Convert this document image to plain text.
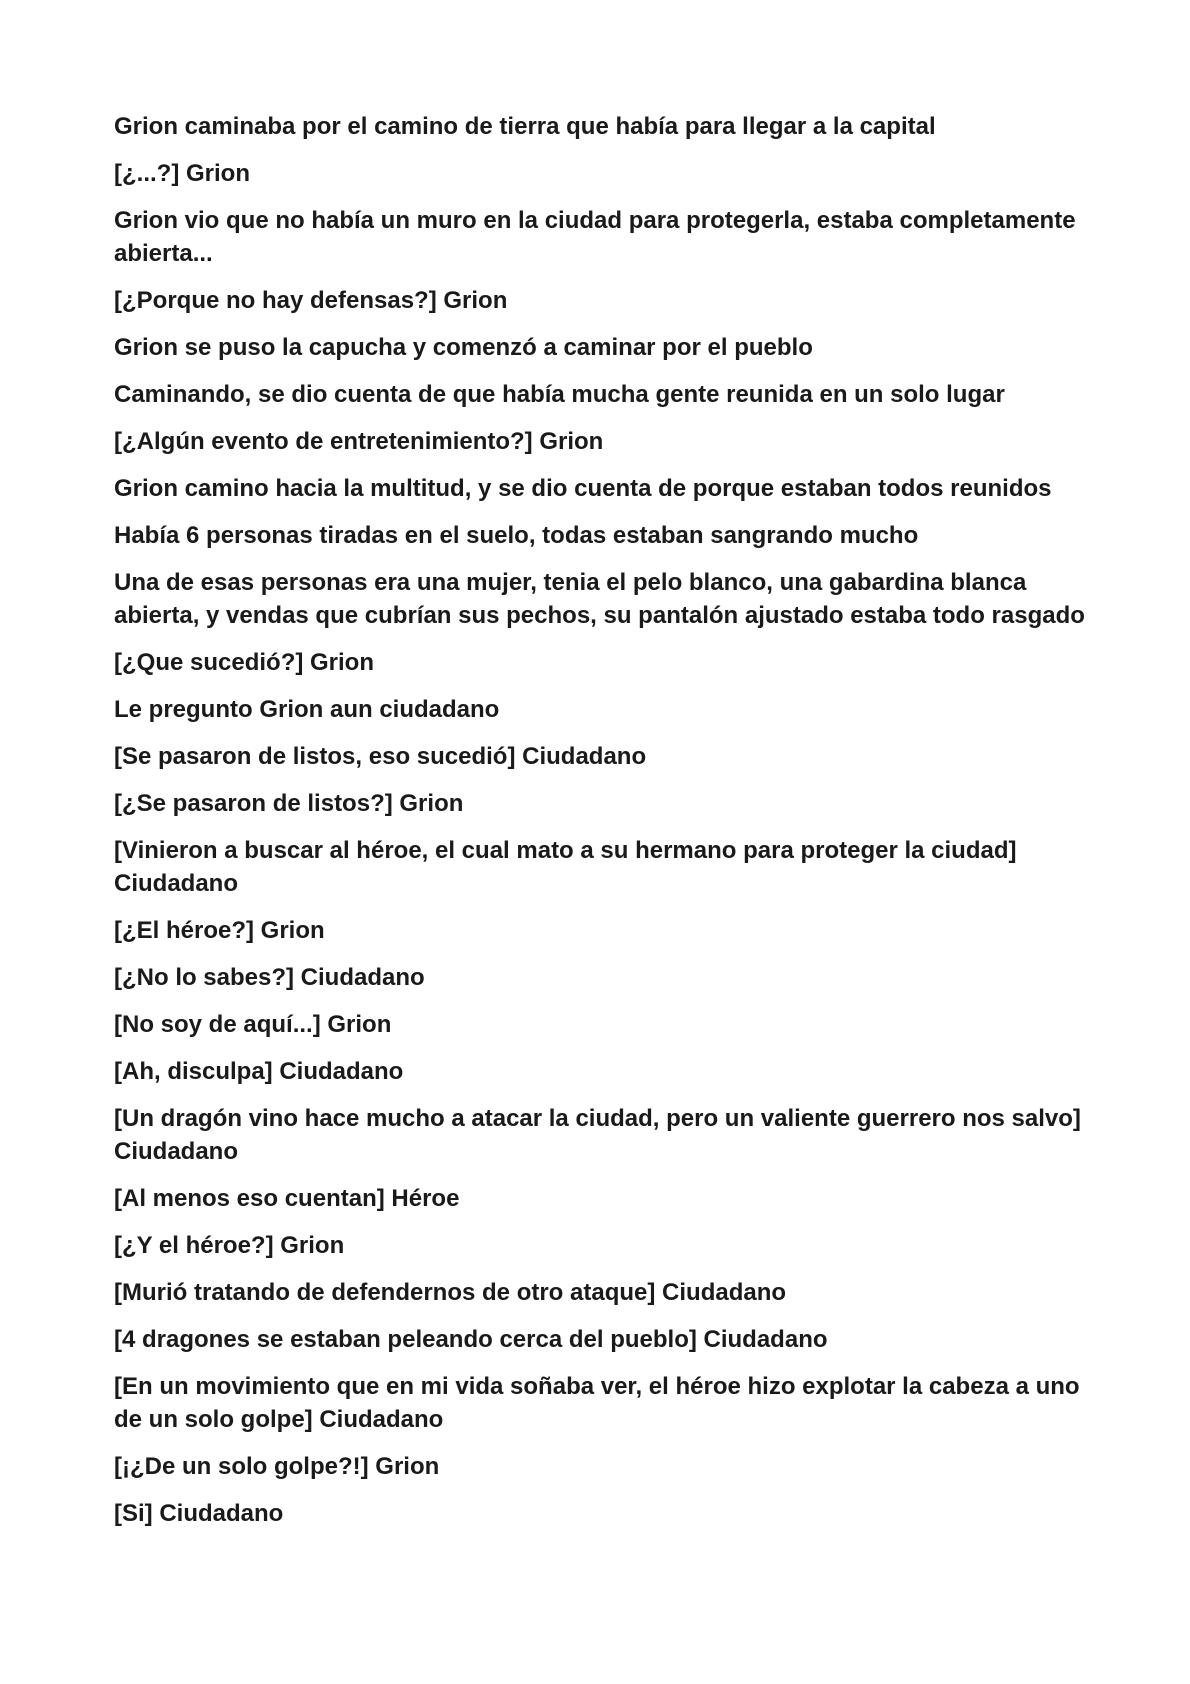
Grion caminaba por el camino de tierra que había para llegar a la capital

[¿...?] Grion

Grion vio que no había un muro en la ciudad para protegerla, estaba completamente abierta...

[¿Porque no hay defensas?] Grion

Grion se puso la capucha y comenzó a caminar por el pueblo

Caminando, se dio cuenta de que había mucha gente reunida en un solo lugar

[¿Algún evento de entretenimiento?] Grion

Grion camino hacia la multitud, y se dio cuenta de porque estaban todos reunidos

Había 6 personas tiradas en el suelo, todas estaban sangrando mucho

Una de esas personas era una mujer, tenia el pelo blanco, una gabardina blanca abierta, y vendas que cubrían sus pechos, su pantalón ajustado estaba todo rasgado

[¿Que sucedió?] Grion

Le pregunto Grion aun ciudadano

[Se pasaron de listos, eso sucedió] Ciudadano

[¿Se pasaron de listos?] Grion

[Vinieron a buscar al héroe, el cual mato a su hermano para proteger la ciudad] Ciudadano

[¿El héroe?] Grion

[¿No lo sabes?] Ciudadano

[No soy de aquí...] Grion

[Ah, disculpa] Ciudadano

[Un dragón vino hace mucho a atacar la ciudad, pero un valiente guerrero nos salvo] Ciudadano

[Al menos eso cuentan] Héroe

[¿Y el héroe?] Grion

[Murió tratando de defendernos de otro ataque] Ciudadano

[4 dragones se estaban peleando cerca del pueblo] Ciudadano

[En un movimiento que en mi vida soñaba ver, el héroe hizo explotar la cabeza a uno de un solo golpe] Ciudadano

[¡¿De un solo golpe?!] Grion

[Si] Ciudadano
